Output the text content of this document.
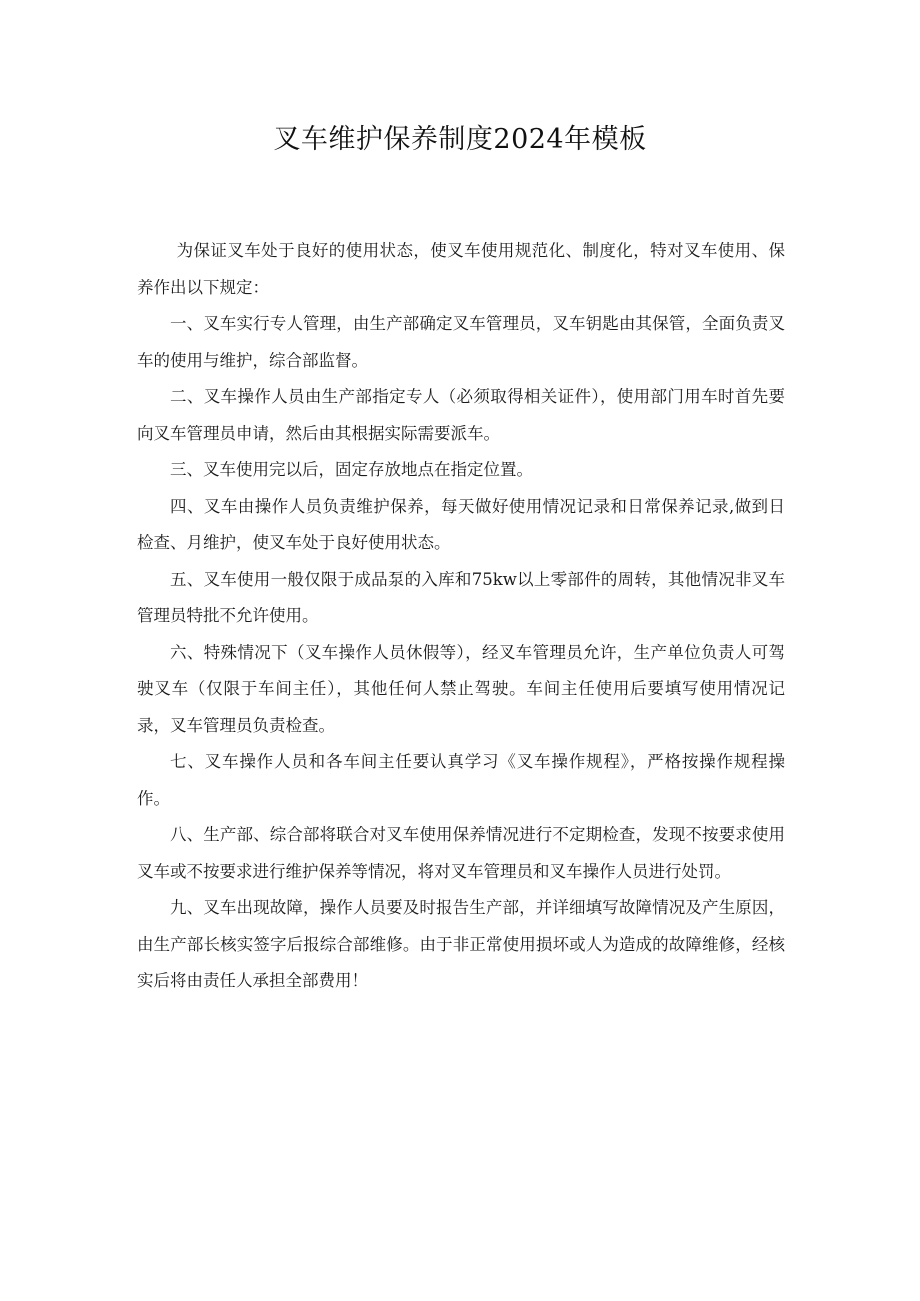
叉车维护保养制度2024年模板

为保证叉车处于良好的使用状态，使叉车使用规范化、制度化，特对叉车使用、保养作出以下规定：

一、叉车实行专人管理，由生产部确定叉车管理员，叉车钥匙由其保管，全面负责叉车的使用与维护，综合部监督。

二、叉车操作人员由生产部指定专人（必须取得相关证件），使用部门用车时首先要向叉车管理员申请，然后由其根据实际需要派车。

三、叉车使用完以后，固定存放地点在指定位置。

四、叉车由操作人员负责维护保养，每天做好使用情况记录和日常保养记录,做到日检查、月维护，使叉车处于良好使用状态。

五、叉车使用一般仅限于成品泵的入库和75kw以上零部件的周转，其他情况非叉车管理员特批不允许使用。

六、特殊情况下（叉车操作人员休假等），经叉车管理员允许，生产单位负责人可驾驶叉车（仅限于车间主任），其他任何人禁止驾驶。车间主任使用后要填写使用情况记录，叉车管理员负责检查。

七、叉车操作人员和各车间主任要认真学习《叉车操作规程》，严格按操作规程操作。

八、生产部、综合部将联合对叉车使用保养情况进行不定期检查，发现不按要求使用叉车或不按要求进行维护保养等情况，将对叉车管理员和叉车操作人员进行处罚。

九、叉车出现故障，操作人员要及时报告生产部，并详细填写故障情况及产生原因，由生产部长核实签字后报综合部维修。由于非正常使用损坏或人为造成的故障维修，经核实后将由责任人承担全部费用！
